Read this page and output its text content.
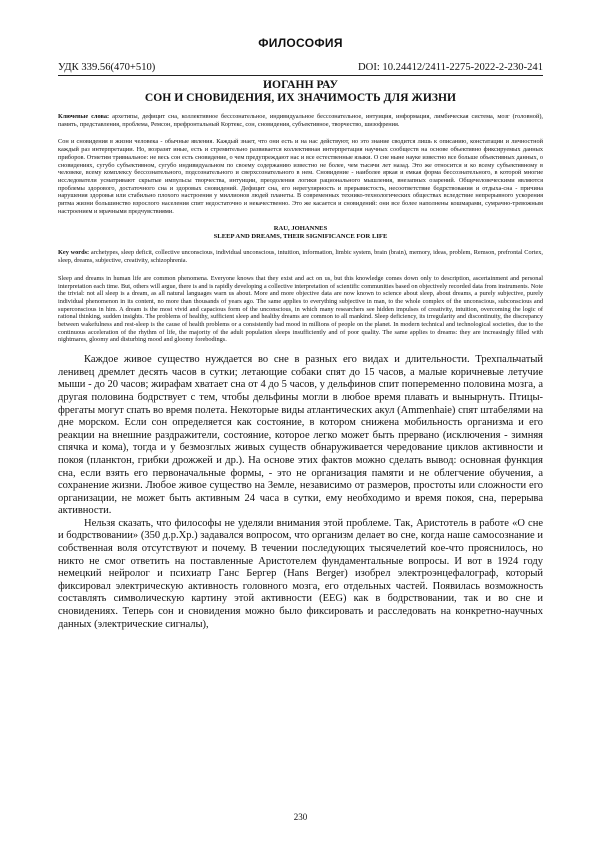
ФИЛОСОФИЯ
УДК 339.56(470+510)	DOI: 10.24412/2411-2275-2022-2-230-241
ИОГАНН РАУ
СОН И СНОВИДЕНИЯ, ИХ ЗНАЧИМОСТЬ ДЛЯ ЖИЗНИ
Ключевые слова: архетипы, дефицит сна, коллективное бессознательное, индивидуальное бессознательное, интуиция, информация, лимбическая система, мозг (головной), память, представления, проблема, Ремсон, префронтальный Кортекс, сон, сновидения, субъективное, творчество, шизофрения.
Сон и сновидения в жизни человека - обычные явления. Каждый знает, что они есть и на нас действуют, но это знание сводится лишь к описанию, констатации и личностной каждый раз интерпретации. Но, возразят иные, есть и стремительно развивается коллективная интерпретация научных сообществ на основе объективно фиксируемых данных приборов. Отметим тривиальное: не весь сон есть сновидение, о чем предупреждают нас и все естественные языки. О сне ныне науке известно все больше объективных данных, о сновидениях, сугубо субъективном, сугубо индивидуальном по своему содержанию известно не более, чем тысячи лет назад. Это же относится и ко всему субъективному в человеке, всему комплексу бессознательного, подсознательного и сверхсознательного в нем. Сновидение - наиболее яркая и емкая форма бессознательного, в которой многие исследователи усматривают скрытые импульсы творчества, интуиции, преодоления логики рационального мышления, внезапных озарений. Общечеловеческими являются проблемы здорового, достаточного сна и здоровых сновидений. Дефицит сна, его нерегулярность и прерывистость, несоответствие бодрствования и отдыха-сна - причина нарушения здоровья или стабильно плохого настроения у миллионов людей планеты. В современных технико-технологических обществах вследствие непрерывного ускорения ритма жизни большинство взрослого населения спит недостаточно и некачественно. Это же касается и сновидений: они все более наполнены кошмарами, сумрачно-тревожным настроением и мрачными предчувствиями.
RAU, JOHANNES
SLEEP AND DREAMS, THEIR SIGNIFICANCE FOR LIFE
Key words: archetypes, sleep deficit, collective unconscious, individual unconscious, intuition, information, limbic system, brain (brain), memory, ideas, problem, Remson, prefrontal Cortex, sleep, dreams, subjective, creativity, schizophrenia.
Sleep and dreams in human life are common phenomena. Everyone knows that they exist and act on us, but this knowledge comes down only to description, ascertainment and personal interpretation each time. But, others will argue, there is and is rapidly developing a collective interpretation of scientific communities based on objectively recorded data from instruments. Note the trivial: not all sleep is a dream, as all natural languages warn us about. More and more objective data are now known to science about sleep, about dreams, a purely subjective, purely individual phenomenon in its content, no more than thousands of years ago. The same applies to everything subjective in man, to the whole complex of the unconscious, subconscious and superconscious in him. A dream is the most vivid and capacious form of the unconscious, in which many researchers see hidden impulses of creativity, intuition, overcoming the logic of rational thinking, sudden insights. The problems of healthy, sufficient sleep and healthy dreams are common to all mankind. Sleep deficiency, its irregularity and discontinuity, the discrepancy between wakefulness and rest-sleep is the cause of health problems or a consistently bad mood in millions of people on the planet. In modern technical and technological societies, due to the continuous acceleration of the rhythm of life, the majority of the adult population sleeps insufficiently and of poor quality. The same applies to dreams: they are increasingly filled with nightmares, gloomy and disturbing mood and gloomy forebodings.

Каждое живое существо нуждается во сне в разных его видах и длительности. Трехпальчатый ленивец дремлет десять часов в сутки; летающие собаки спят до 15 часов, а малые коричневые летучие мыши - до 20 часов; жирафам хватает сна от 4 до 5 часов, у дельфинов спит попеременно половина мозга, а другая половина бодрствует с тем, чтобы дельфины могли в любое время плавать и вынырнуть. Птицы-фрегаты могут спать во время полета. Некоторые виды атлантических акул (Ammenhaie) спят штабелями на дне морском. Если сон определяется как состояние, в котором снижена мобильность организма и его реакции на внешние раздражители, состояние, которое легко может быть прервано (исключения - зимняя спячка и кома), тогда и у безмозглых живых существ обнаруживается чередование циклов активности и покоя (планктон, грибки дрожжей и др.). На основе этих фактов можно сделать вывод: основная функция сна, если взять его первоначальные формы, - это не организация памяти и не облегчение обучения, а сохранение жизни. Любое живое существо на Земле, независимо от размеров, простоты или сложности его организации, не может быть активным 24 часа в сутки, ему необходимо и время покоя, сна, перерыва активности.

Нельзя сказать, что философы не уделяли внимания этой проблеме. Так, Аристотель в работе «О сне и бодрствовании» (350 д.р.Хр.) задавался вопросом, что организм делает во сне, когда наше самосознание и собственная воля отсутствуют и почему. В течении последующих тысячелетий кое-что прояснилось, но никто не смог ответить на поставленные Аристотелем фундаментальные вопросы. И вот в 1924 году немецкий нейролог и психиатр Ганс Бергер (Hans Berger) изобрел электроэнцефалограф, который фиксировал электрическую активность головного мозга, его отдельных частей. Появилась возможность составлять символическую картину этой активности (EEG) как в бодрствовании, так и во сне и сновидениях. Теперь сон и сновидения можно было фиксировать и расследовать на конкретно-научных данных (электрические сигналы),

230
